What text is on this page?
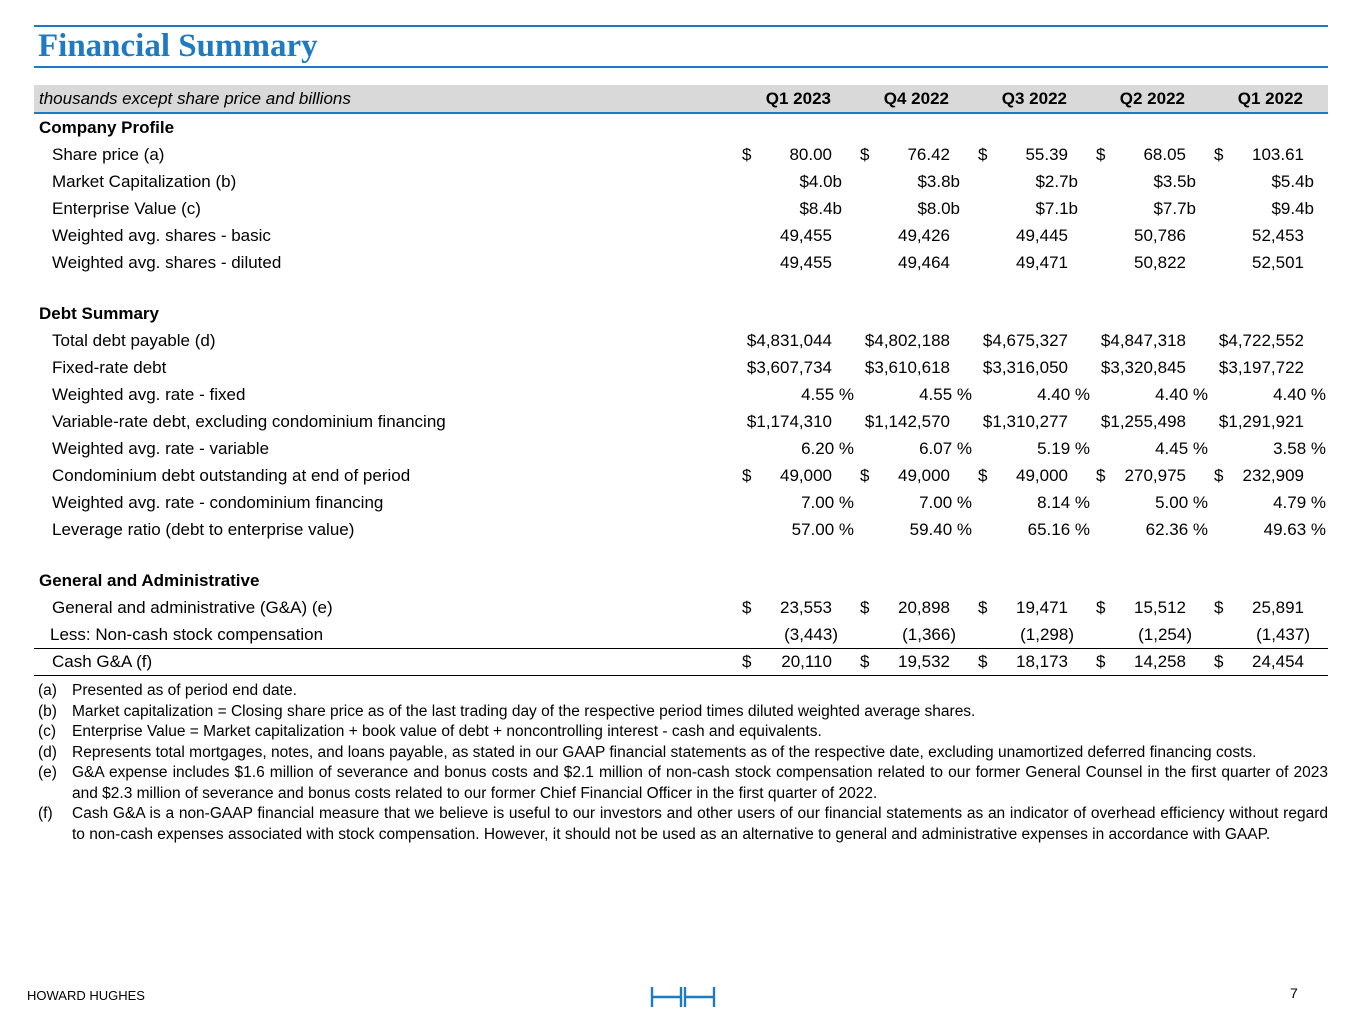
Financial Summary
thousands except share price and billions	Q1 2023	Q4 2022	Q3 2022	Q2 2022	Q1 2022
Company Profile
Share price (a)	$	80.00 $	76.42 $	55.39 $	68.05 $	103.61
Market Capitalization (b)	$4.0b	$3.8b	$2.7b	$3.5b	$5.4b
Enterprise Value (c)	$8.4b	$8.0b	$7.1b	$7.7b	$9.4b
Weighted avg. shares - basic	49,455	49,426	49,445	50,786	52,453
Weighted avg. shares - diluted	49,455	49,464	49,471	50,822	52,501
Debt Summary
Total debt payable (d)	$4,831,044	$4,802,188	$4,675,327	$4,847,318	$4,722,552
Fixed-rate debt	$3,607,734	$3,610,618	$3,316,050	$3,320,845	$3,197,722
Weighted avg. rate - fixed	4.55 %	4.55 %	4.40 %	4.40 %	4.40 %
Variable-rate debt, excluding condominium financing	$1,174,310	$1,142,570	$1,310,277	$1,255,498	$1,291,921
Weighted avg. rate - variable	6.20 %	6.07 %	5.19 %	4.45 %	3.58 %
Condominium debt outstanding at end of period	$	49,000 $	49,000 $	49,000 $	270,975 $	232,909
Weighted avg. rate - condominium financing	7.00 %	7.00 %	8.14 %	5.00 %	4.79 %
Leverage ratio (debt to enterprise value)	57.00 %	59.40 %	65.16 %	62.36 %	49.63 %
General and Administrative
General and administrative (G&A) (e)	$	23,553 $	20,898 $	19,471 $	15,512 $	25,891
Less: Non-cash stock compensation	(3,443)	(1,366)	(1,298)	(1,254)	(1,437)
Cash G&A (f)	$	20,110 $	19,532 $	18,173 $	14,258 $	24,454
(a) Presented as of period end date.
(b) Market capitalization = Closing share price as of the last trading day of the respective period times diluted weighted average shares.
(c) Enterprise Value = Market capitalization + book value of debt + noncontrolling interest - cash and equivalents.
(d) Represents total mortgages, notes, and loans payable, as stated in our GAAP financial statements as of the respective date, excluding unamortized deferred financing costs.
(e) G&A expense includes $1.6 million of severance and bonus costs and $2.1 million of non-cash stock compensation related to our former General Counsel in the first quarter of 2023 and $2.3 million of severance and bonus costs related to our former Chief Financial Officer in the first quarter of 2022.
(f) Cash G&A is a non-GAAP financial measure that we believe is useful to our investors and other users of our financial statements as an indicator of overhead efficiency without regard to non-cash expenses associated with stock compensation. However, it should not be used as an alternative to general and administrative expenses in accordance with GAAP.
HOWARD HUGHES	7
